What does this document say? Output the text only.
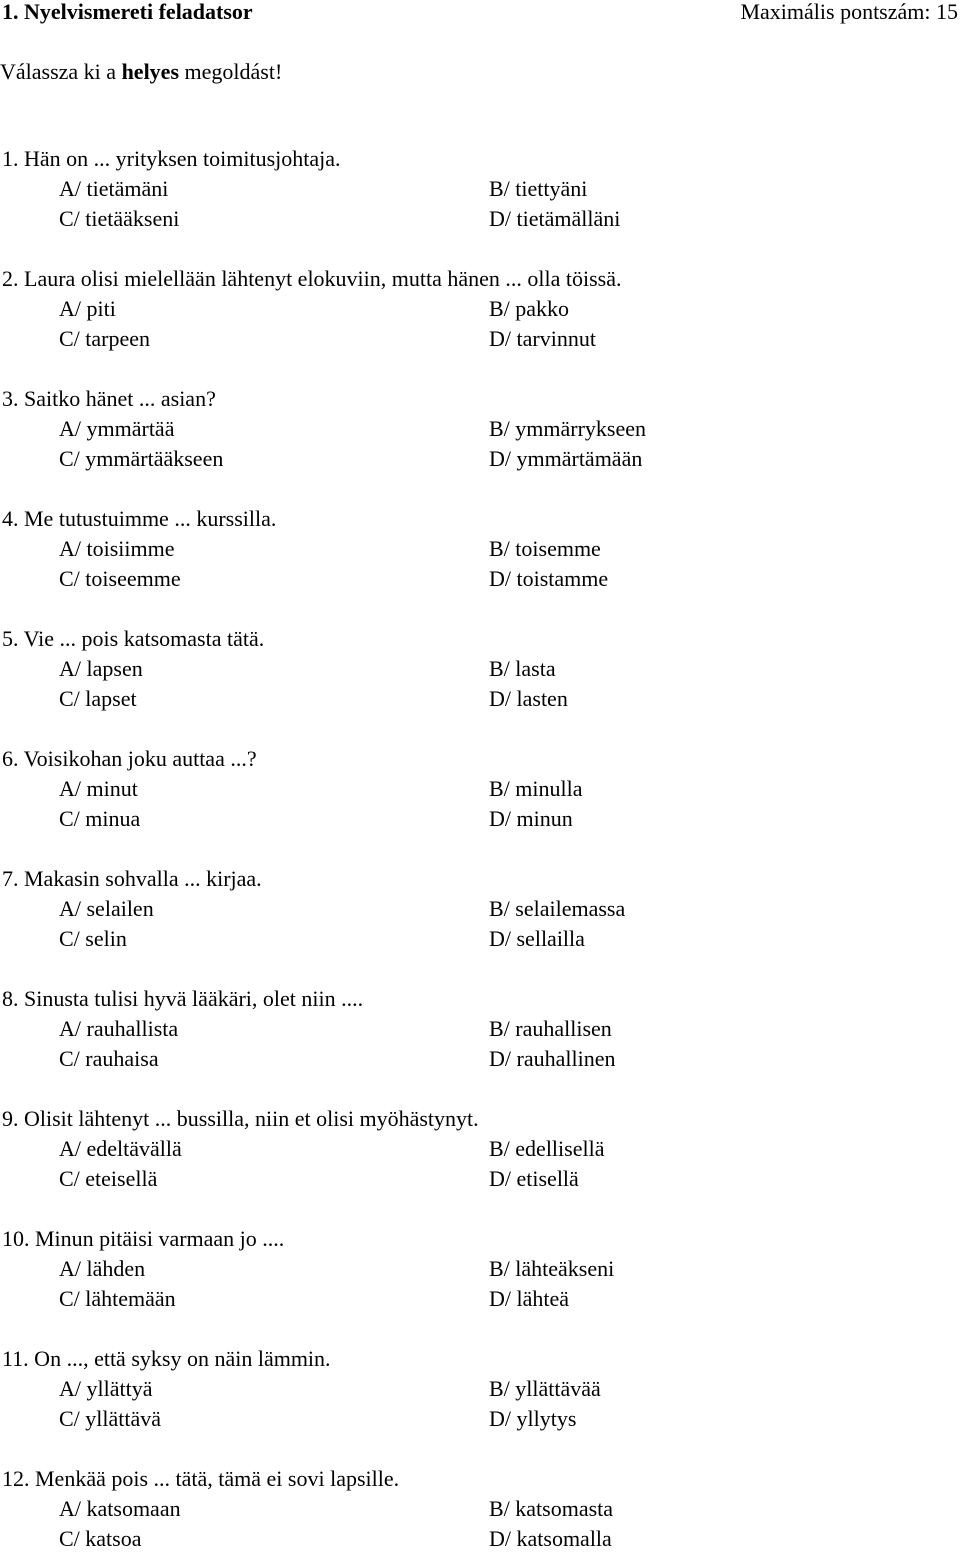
1. Nyelvismereti feladatsor	Maximális pontszám: 15
Válassza ki a helyes megoldást!
1. Hän on ... yrityksen toimitusjohtaja.
A/ tietämäni	B/ tiettyäni
C/ tietääkseni	D/ tietämälläni
2. Laura olisi mielellään lähtenyt elokuviin, mutta hänen ... olla töissä.
A/ piti	B/ pakko
C/ tarpeen	D/ tarvinnut
3. Saitko hänet ... asian?
A/ ymmärtää	B/ ymmärrykseen
C/ ymmärtääkseen	D/ ymmärtämään
4. Me tutustuimme ... kurssilla.
A/ toisiimme	B/ toisemme
C/ toiseemme	D/ toistamme
5. Vie ... pois katsomasta tätä.
A/ lapsen	B/ lasta
C/ lapset	D/ lasten
6. Voisikohan joku auttaa ...?
A/ minut	B/ minulla
C/ minua	D/ minun
7. Makasin sohvalla ... kirjaa.
A/ selailen	B/ selailemassa
C/ selin	D/ sellailla
8. Sinusta tulisi hyvä lääkäri, olet niin ....
A/ rauhallista	B/ rauhallisen
C/ rauhaisa	D/ rauhallinen
9. Olisit lähtenyt ... bussilla, niin et olisi myöhästynyt.
A/ edeltävällä	B/ edellisellä
C/ eteisellä	D/ etisellä
10. Minun pitäisi varmaan jo ....
A/ lähden	B/ lähteäkseni
C/ lähtemään	D/ lähteä
11. On ..., että syksy on näin lämmin.
A/ yllättyä	B/ yllättävää
C/ yllättävä	D/ yllytys
12. Menkää pois ... tätä, tämä ei sovi lapsille.
A/ katsomaan	B/ katsomasta
C/ katsoa	D/ katsomalla
